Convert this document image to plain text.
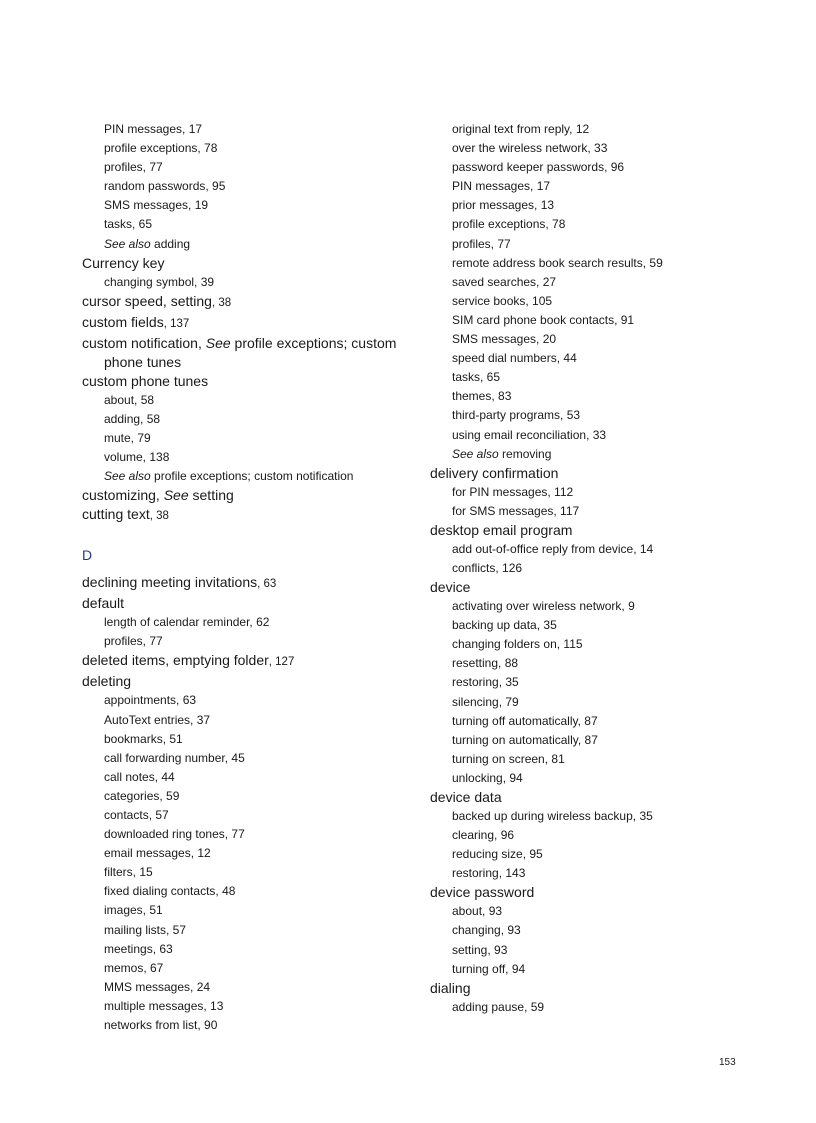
PIN messages, 17
profile exceptions, 78
profiles, 77
random passwords, 95
SMS messages, 19
tasks, 65
See also adding
Currency key
changing symbol, 39
cursor speed, setting, 38
custom fields, 137
custom notification, See profile exceptions; custom
phone tunes
custom phone tunes
about, 58
adding, 58
mute, 79
volume, 138
See also profile exceptions; custom notification
customizing, See setting
cutting text, 38
D
declining meeting invitations, 63
default
length of calendar reminder, 62
profiles, 77
deleted items, emptying folder, 127
deleting
appointments, 63
AutoText entries, 37
bookmarks, 51
call forwarding number, 45
call notes, 44
categories, 59
contacts, 57
downloaded ring tones, 77
email messages, 12
filters, 15
fixed dialing contacts, 48
images, 51
mailing lists, 57
meetings, 63
memos, 67
MMS messages, 24
multiple messages, 13
networks from list, 90
original text from reply, 12
over the wireless network, 33
password keeper passwords, 96
PIN messages, 17
prior messages, 13
profile exceptions, 78
profiles, 77
remote address book search results, 59
saved searches, 27
service books, 105
SIM card phone book contacts, 91
SMS messages, 20
speed dial numbers, 44
tasks, 65
themes, 83
third-party programs, 53
using email reconciliation, 33
See also removing
delivery confirmation
for PIN messages, 112
for SMS messages, 117
desktop email program
add out-of-office reply from device, 14
conflicts, 126
device
activating over wireless network, 9
backing up data, 35
changing folders on, 115
resetting, 88
restoring, 35
silencing, 79
turning off automatically, 87
turning on automatically, 87
turning on screen, 81
unlocking, 94
device data
backed up during wireless backup, 35
clearing, 96
reducing size, 95
restoring, 143
device password
about, 93
changing, 93
setting, 93
turning off, 94
dialing
adding pause, 59
153
